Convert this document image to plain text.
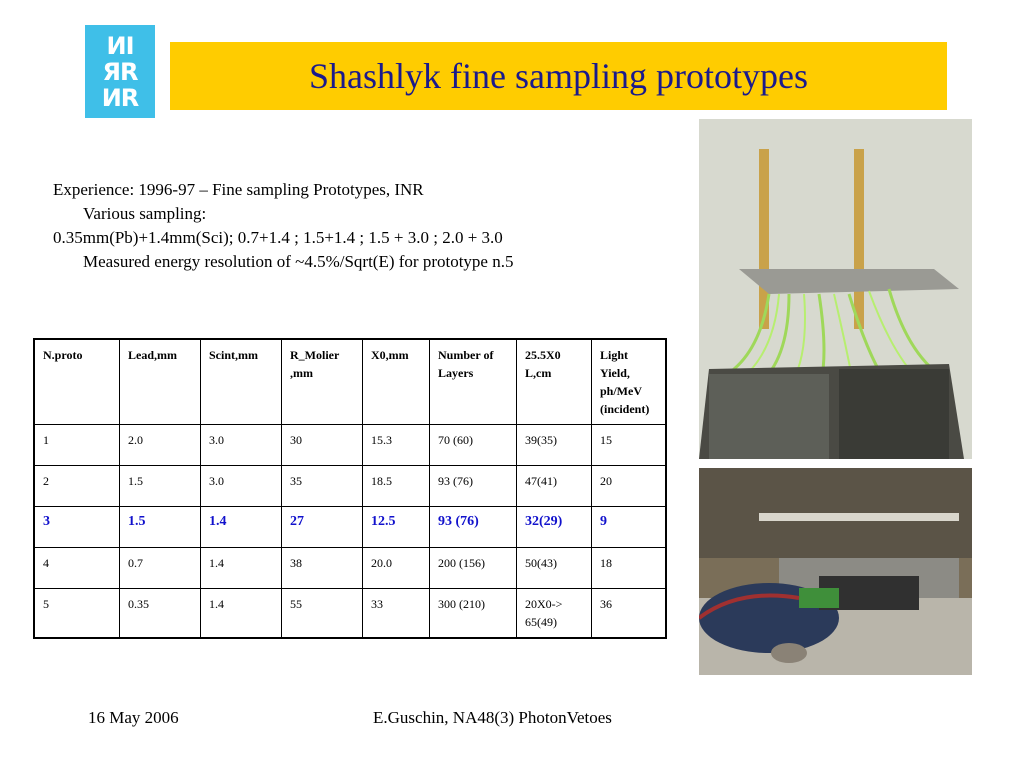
ИI
ЯR
ИR
Shashlyk fine sampling prototypes
Experience: 1996-97 – Fine sampling Prototypes, INR
Various sampling:
0.35mm(Pb)+1.4mm(Sci); 0.7+1.4 ; 1.5+1.4 ; 1.5 + 3.0 ; 2.0 + 3.0
Measured energy resolution of ~4.5%/Sqrt(E) for prototype n.5
N.proto	Lead,mm	Scint,mm	R_Molier ,mm	X0,mm	Number of Layers	25.5X0 L,cm	Light Yield, ph/MeV (incident)
1	2.0	3.0	30	15.3	70 (60)	39(35)	15
2	1.5	3.0	35	18.5	93 (76)	47(41)	20
3	1.5	1.4	27	12.5	93 (76)	32(29)	9
4	0.7	1.4	38	20.0	200 (156)	50(43)	18
5	0.35	1.4	55	33	300 (210)	20X0-> 65(49)	36
16 May 2006	E.Guschin, NA48(3) PhotonVetoes
